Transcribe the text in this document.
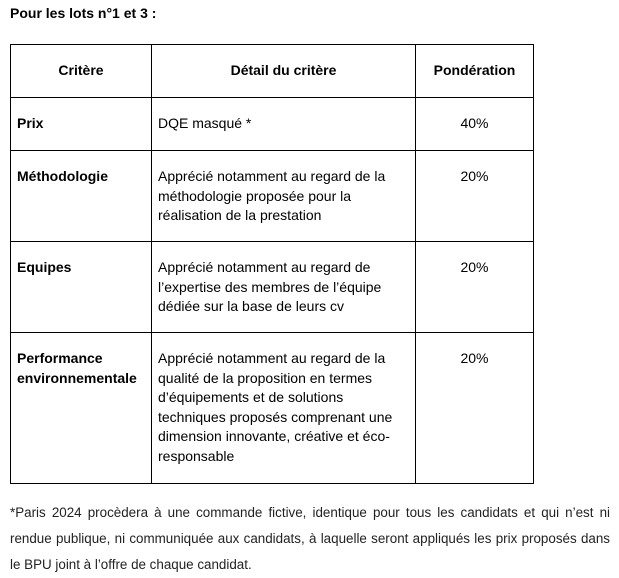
Pour les lots n°1 et 3 :
Critère	Détail du critère	Pondération

Prix	DQE masqué *	40%

Méthodologie	Apprécié notamment au regard de la méthodologie proposée pour la réalisation de la prestation	20%

Equipes	Apprécié notamment au regard de l’expertise des membres de l’équipe dédiée sur la base de leurs cv	20%

Performance environnementale	Apprécié notamment au regard de la qualité de la proposition en termes d’équipements et de solutions techniques proposés comprenant une dimension innovante, créative et éco-responsable	20%
*Paris 2024 procèdera à une commande fictive, identique pour tous les candidats et qui n’est ni rendue publique, ni communiquée aux candidats, à laquelle seront appliqués les prix proposés dans le BPU joint à l’offre de chaque candidat.
